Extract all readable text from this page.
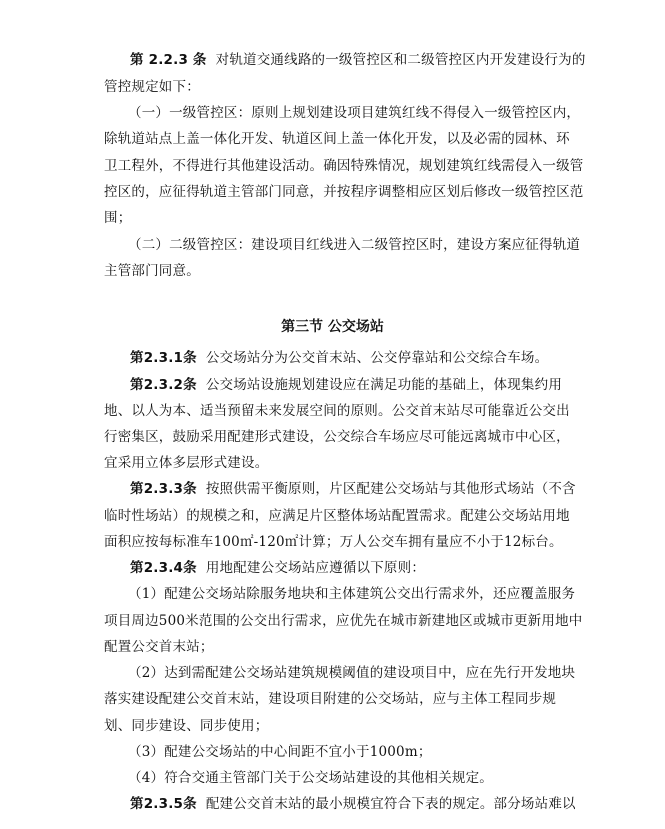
第 2.2.3 条 对轨道交通线路的一级管控区和二级管控区内开发建设行为的
管控规定如下：
（一）一级管控区：原则上规划建设项目建筑红线不得侵入一级管控区内，
除轨道站点上盖一体化开发、轨道区间上盖一体化开发，以及必需的园林、环
卫工程外，不得进行其他建设活动。确因特殊情况，规划建筑红线需侵入一级管
控区的，应征得轨道主管部门同意，并按程序调整相应区划后修改一级管控区范
围；
（二）二级管控区：建设项目红线进入二级管控区时，建设方案应征得轨道
主管部门同意。
第三节 公交场站
第2.3.1条 公交场站分为公交首末站、公交停靠站和公交综合车场。
第2.3.2条 公交场站设施规划建设应在满足功能的基础上，体现集约用
地、以人为本、适当预留未来发展空间的原则。公交首末站尽可能靠近公交出
行密集区，鼓励采用配建形式建设，公交综合车场应尽可能远离城市中心区，
宜采用立体多层形式建设。
第2.3.3条 按照供需平衡原则，片区配建公交场站与其他形式场站（不含
临时性场站）的规模之和，应满足片区整体场站配置需求。配建公交场站用地
面积应按每标准车100㎡-120㎡计算；万人公交车拥有量应不小于12标台。
第2.3.4条 用地配建公交场站应遵循以下原则：
（1）配建公交场站除服务地块和主体建筑公交出行需求外，还应覆盖服务
项目周边500米范围的公交出行需求，应优先在城市新建地区或城市更新用地中
配置公交首末站；
（2）达到需配建公交场站建筑规模阈值的建设项目中，应在先行开发地块
落实建设配建公交首末站，建设项目附建的公交场站，应与主体工程同步规
划、同步建设、同步使用；
（3）配建公交场站的中心间距不宜小于1000m；
（4）符合交通主管部门关于公交场站建设的其他相关规定。
第2.3.5条 配建公交首末站的最小规模宜符合下表的规定。部分场站难以
